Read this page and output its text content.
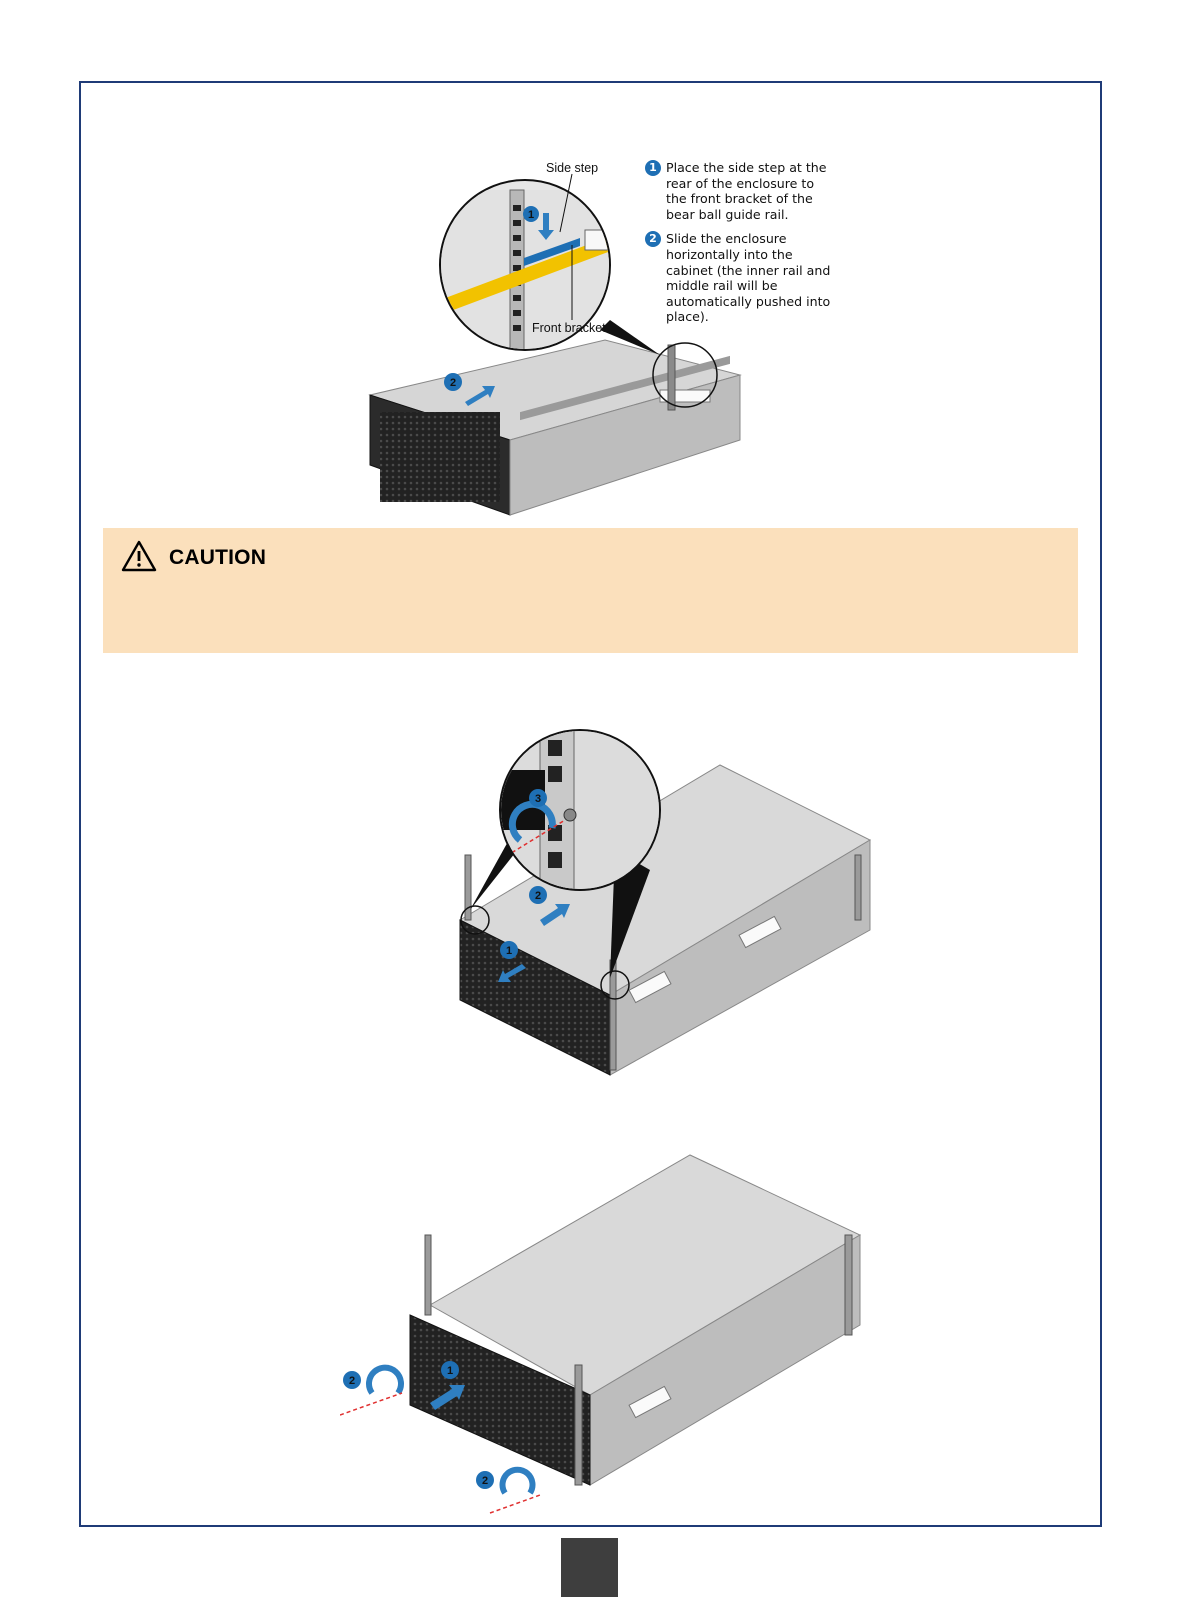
1
2
Side step
Front bracket
1 Place the side step at the rear of the enclosure to the front bracket of the bear ball guide rail.
2 Slide the enclosure horizontally into the cabinet (the inner rail and middle rail will be automatically pushed into place).
CAUTION
3
2
1
1
2
2
